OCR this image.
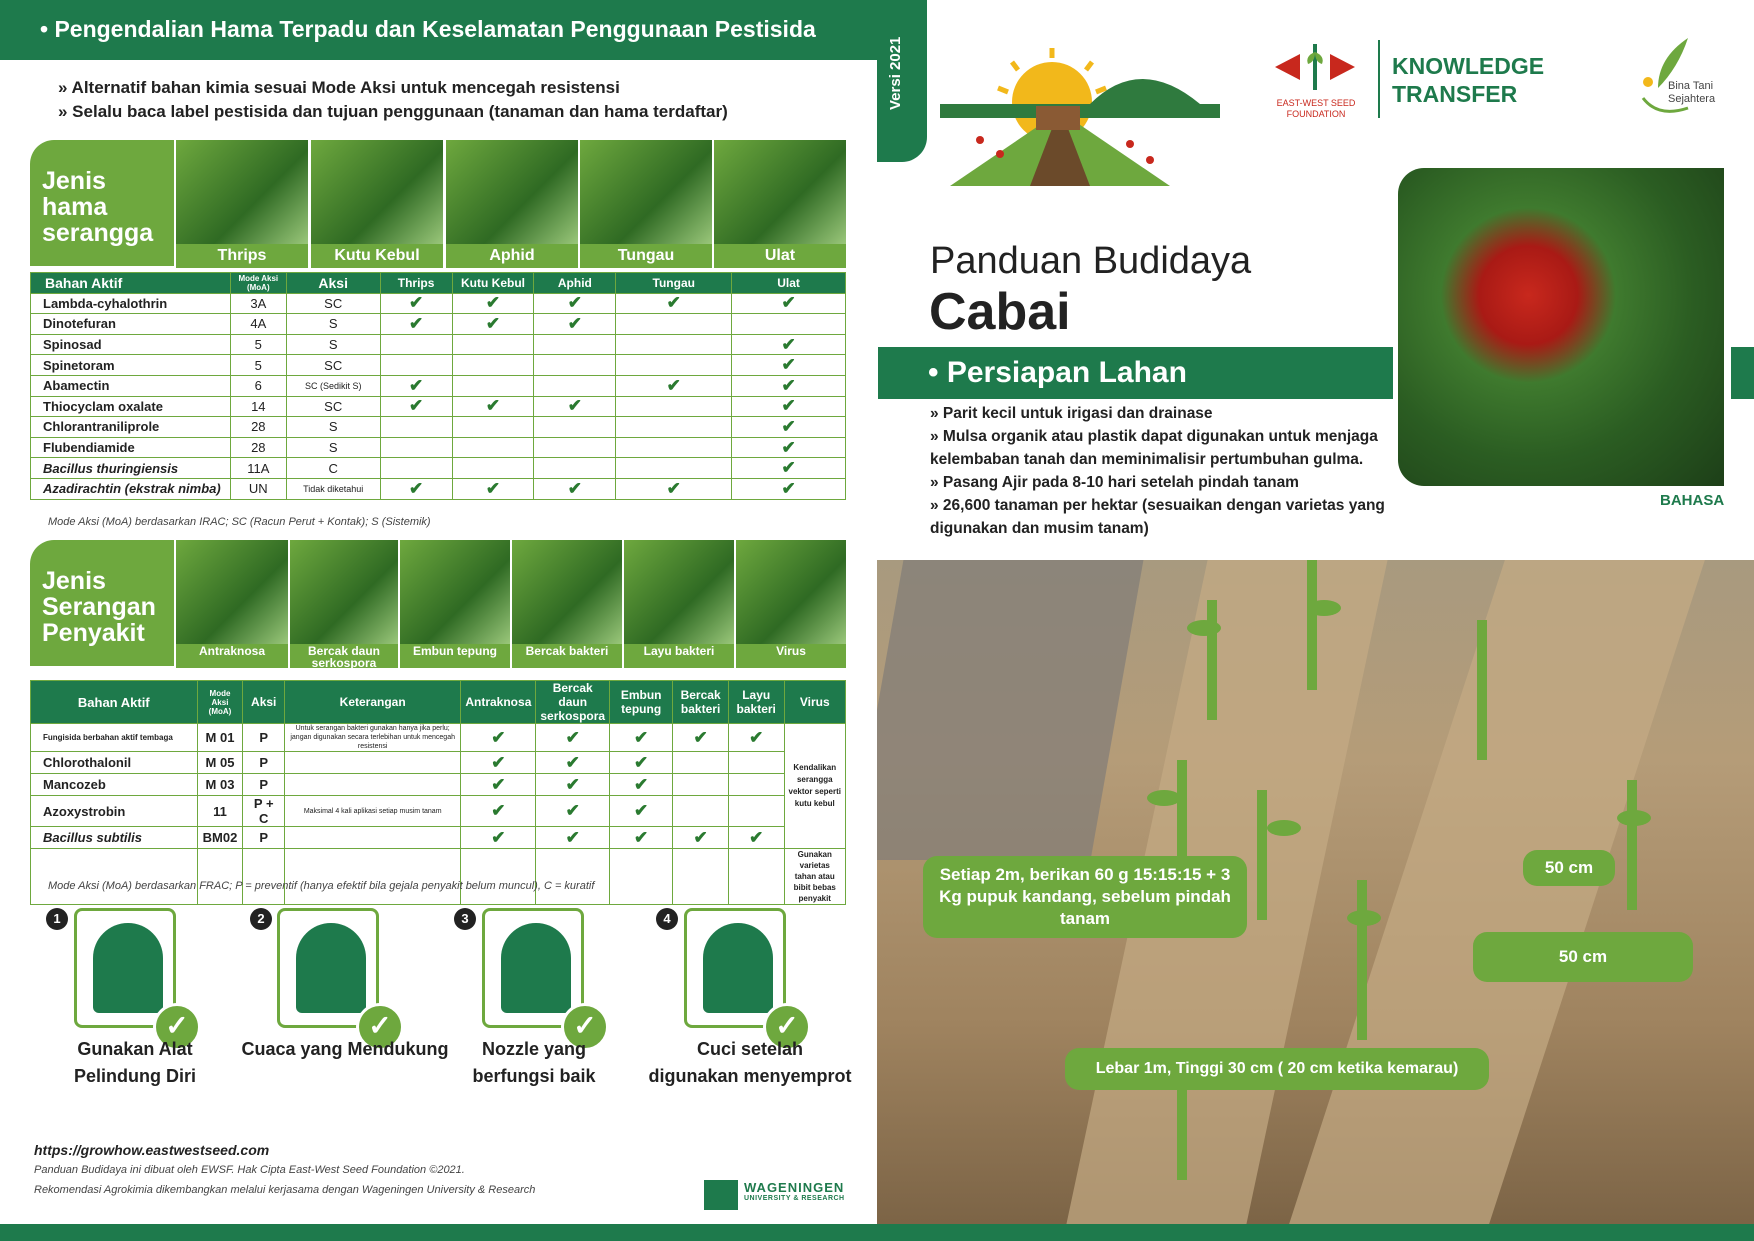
• Pengendalian Hama Terpadu dan Keselamatan Penggunaan Pestisida
Versi 2021
» Alternatif bahan kimia sesuai Mode Aksi untuk mencegah resistensi
» Selalu baca label pestisida dan tujuan penggunaan (tanaman dan hama terdaftar)
Jenis
hama
serangga
Thrips	Kutu Kebul	Aphid	Tungau	Ulat
Bahan Aktif	Mode Aksi (MoA)	Aksi	Thrips	Kutu Kebul	Aphid	Tungau	Ulat
Lambda-cyhalothrin	3A	SC	✔	✔	✔	✔	✔
Dinotefuran	4A	S	✔	✔	✔		
Spinosad	5	S					✔
Spinetoram	5	SC					✔
Abamectin	6	SC (Sedikit S)	✔			✔	✔
Thiocyclam oxalate	14	SC	✔	✔	✔		✔
Chlorantraniliprole	28	S					✔
Flubendiamide	28	S					✔
Bacillus thuringiensis	11A	C					✔
Azadirachtin (ekstrak nimba)	UN	Tidak diketahui	✔	✔	✔	✔	✔
Mode Aksi (MoA) berdasarkan IRAC; SC (Racun Perut + Kontak); S (Sistemik)
Jenis
Serangan
Penyakit
Antraknosa	Bercak daun serkospora
Embun tepung	Bercak bakteri	Layu bakteri	Virus
Bahan Aktif	Mode Aksi (MoA)	Aksi	Keterangan	Antraknosa	Bercak daun serkospora	Embun tepung	Bercak bakteri	Layu bakteri	Virus
Fungisida berbahan aktif tembaga	M 01	P	Untuk serangan bakteri gunakan hanya jika perlu; jangan digunakan secara terlebihan untuk mencegah resistensi	✔	✔	✔	✔	✔	Kendalikan serangga vektor seperti kutu kebul
Chlorothalonil	M 05	P		✔	✔	✔			
Mancozeb	M 03	P		✔	✔	✔			
Azoxystrobin	11	P + C	Maksimal 4 kali aplikasi setiap musim tanam	✔	✔	✔			
Bacillus subtilis	BM02	P		✔	✔	✔	✔	✔	
									Gunakan varietas tahan atau bibit bebas penyakit
Mode Aksi (MoA) berdasarkan FRAC; P = preventif (hanya efektif bila gejala penyakit belum muncul), C = kuratif
1
✓
Gunakan Alat
Pelindung Diri
2
✓
Cuaca yang Mendukung
3
✓
Nozzle yang
berfungsi baik
4
✓
Cuci setelah
digunakan menyemprot
https://growhow.eastwestseed.com
Panduan Budidaya ini dibuat oleh EWSF. Hak Cipta East-West Seed Foundation ©2021.
Rekomendasi Agrokimia dikembangkan melalui kerjasama dengan Wageningen University & Research	WAGENINGEN
UNIVERSITY & RESEARCH
EAST-WEST SEED
FOUNDATION
KNOWLEDGE
TRANSFER	Bina Tani
Sejahtera
Panduan Budidaya
Cabai
BAHASA
• Persiapan Lahan
» Parit kecil untuk irigasi dan drainase
» Mulsa organik atau plastik dapat digunakan untuk menjaga
kelembaban tanah dan meminimalisir pertumbuhan gulma.
» Pasang Ajir pada 8-10 hari setelah pindah tanam
» 26,600 tanaman per hektar (sesuaikan dengan varietas yang
digunakan dan musim tanam)
Setiap 2m, berikan 60 g 15:15:15 + 3 Kg pupuk kandang, sebelum pindah tanam
50 cm
50 cm
Lebar 1m, Tinggi 30 cm ( 20 cm ketika kemarau)
